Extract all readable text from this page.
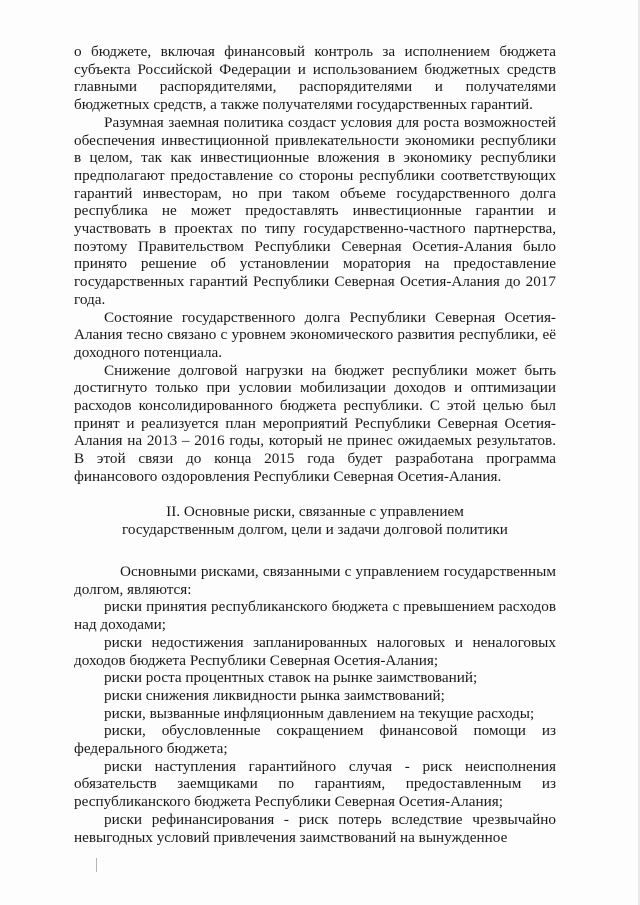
о бюджете, включая финансовый контроль за исполнением бюджета субъекта Российской Федерации и использованием бюджетных средств главными распорядителями, распорядителями и получателями бюджетных средств, а также получателями государственных гарантий.

Разумная заемная политика создаст условия для роста возможностей обеспечения инвестиционной привлекательности экономики республики в целом, так как инвестиционные вложения в экономику республики предполагают предоставление со стороны республики соответствующих гарантий инвесторам, но при таком объеме государственного долга республика не может предоставлять инвестиционные гарантии и участвовать в проектах по типу государственно-частного партнерства, поэтому Правительством Республики Северная Осетия-Алания было принято решение об установлении моратория на предоставление государственных гарантий Республики Северная Осетия-Алания до 2017 года.

Состояние государственного долга Республики Северная Осетия-Алания тесно связано с уровнем экономического развития республики, её доходного потенциала.

Снижение долговой нагрузки на бюджет республики может быть достигнуто только при условии мобилизации доходов и оптимизации расходов консолидированного бюджета республики. С этой целью был принят и реализуется план мероприятий Республики Северная Осетия-Алания на 2013 – 2016 годы, который не принес ожидаемых результатов. В этой связи до конца 2015 года будет разработана программа финансового оздоровления Республики Северная Осетия-Алания.

II. Основные риски, связанные с управлением
государственным долгом, цели и задачи долговой политики

Основными рисками, связанными с управлением государственным долгом, являются:

риски принятия республиканского бюджета с превышением расходов над доходами;

риски недостижения запланированных налоговых и неналоговых доходов бюджета Республики Северная Осетия-Алания;

риски роста процентных ставок на рынке заимствований;

риски снижения ликвидности рынка заимствований;

риски, вызванные инфляционным давлением на текущие расходы;

риски, обусловленные сокращением финансовой помощи из федерального бюджета;

риски наступления гарантийного случая - риск неисполнения обязательств заемщиками по гарантиям, предоставленным из республиканского бюджета Республики Северная Осетия-Алания;

риски рефинансирования - риск потерь вследствие чрезвычайно невыгодных условий привлечения заимствований на вынужденное
